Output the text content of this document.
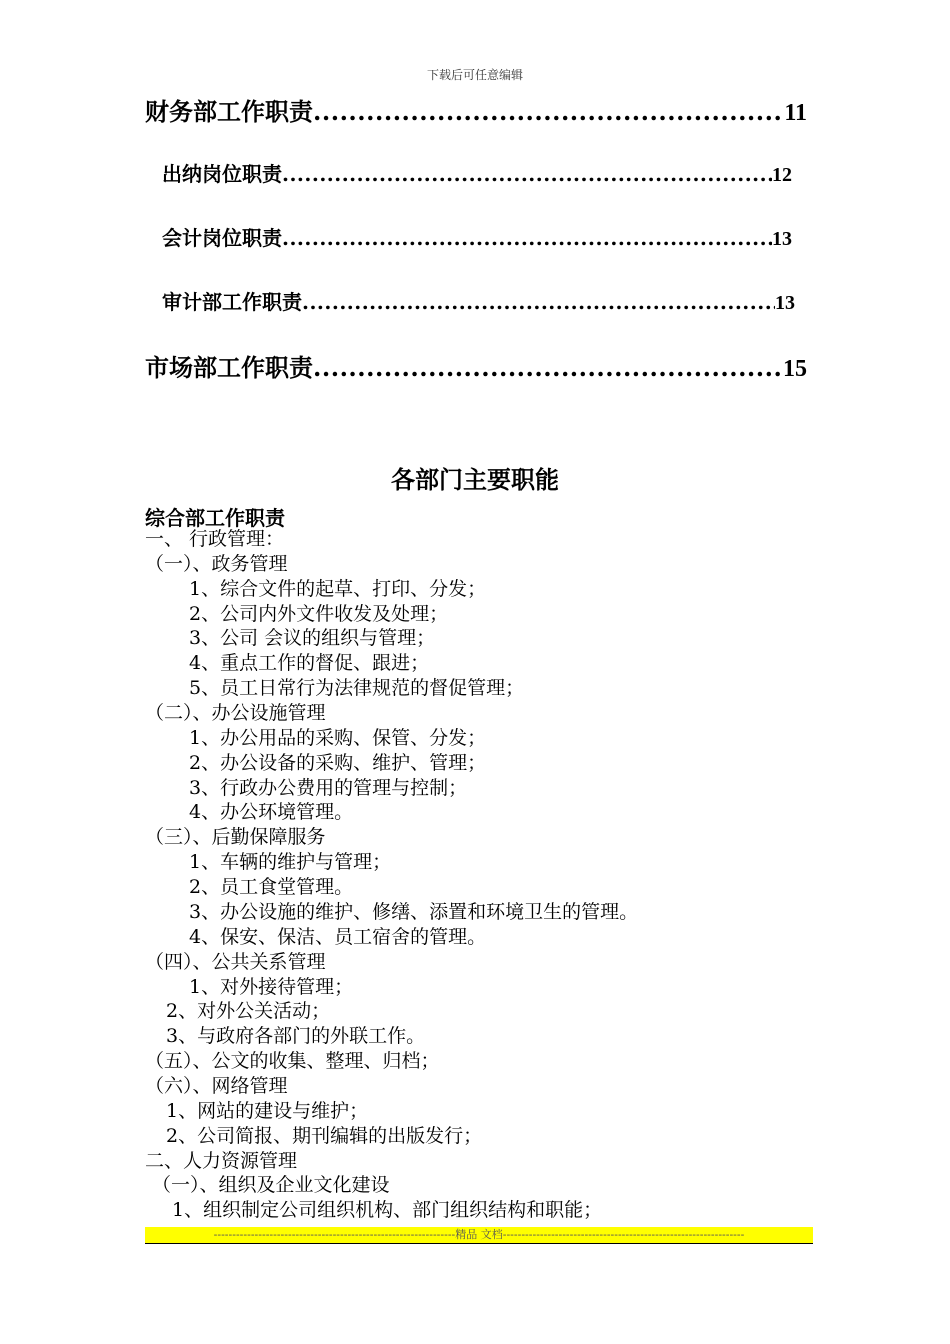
下载后可任意编辑
财务部工作职责 .....	11
出纳岗位职责 .....	12
会计岗位职责 .....	13
审计部工作职责 .....	13
市场部工作职责 .....	15
各部门主要职能
综合部工作职责
一、 行政管理：
（一）、政务管理
1、综合文件的起草、打印、分发；
2、公司内外文件收发及处理；
3、公司 会议的组织与管理；
4、重点工作的督促、跟进；
5、员工日常行为法律规范的督促管理；
（二）、办公设施管理
1、办公用品的采购、保管、分发；
2、办公设备的采购、维护、管理；
3、行政办公费用的管理与控制；
4、办公环境管理。
（三）、后勤保障服务
1、车辆的维护与管理；
2、员工食堂管理。
3、办公设施的维护、修缮、添置和环境卫生的管理。
4、保安、保洁、员工宿舍的管理。
（四）、公共关系管理
1、对外接待管理；
2、对外公关活动；
3、与政府各部门的外联工作。
（五）、公文的收集、整理、归档；
（六）、网络管理
1、网站的建设与维护；
2、公司简报、期刊编辑的出版发行；
二、人力资源管理
（一）、组织及企业文化建设
1、组织制定公司组织机构、部门组织结构和职能；
-----------------------------------------------------------------精品 文档-----------------------------------------------------------------
